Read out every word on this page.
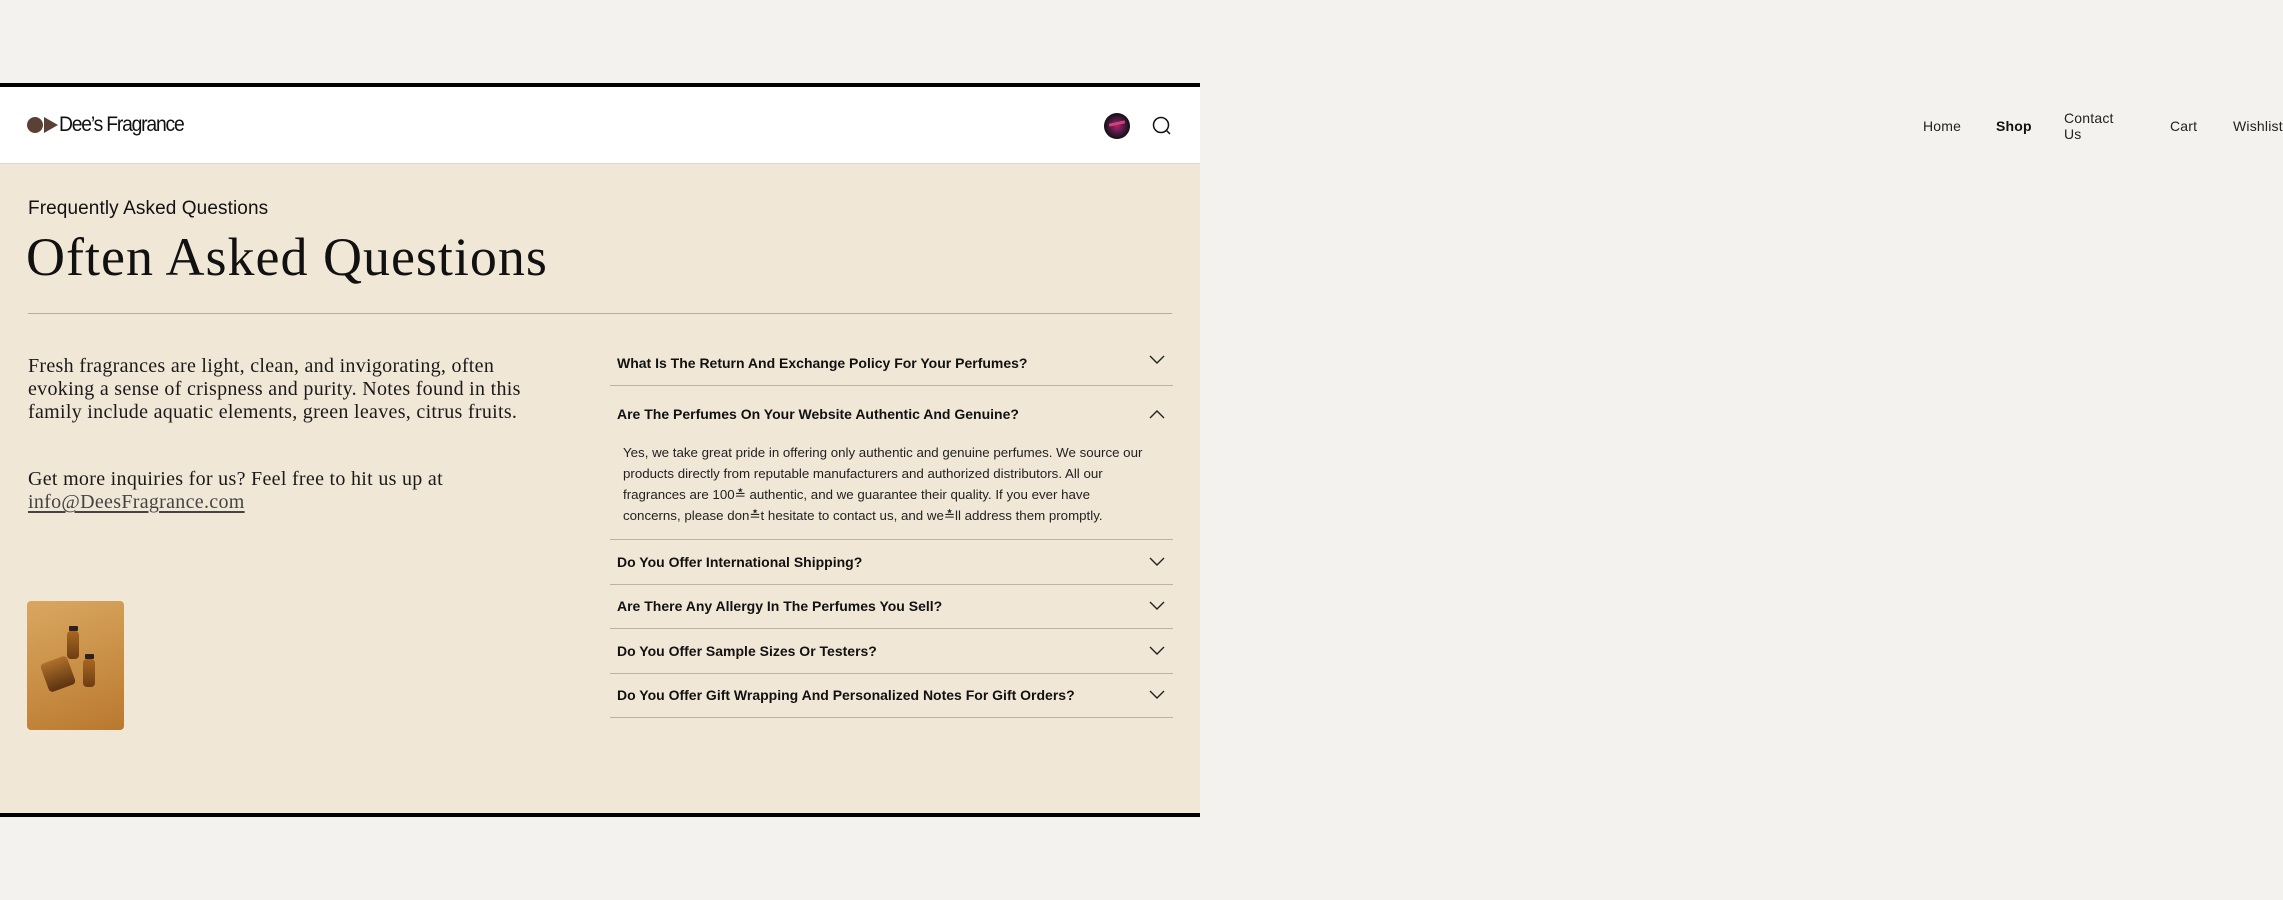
Dee’s Fragrance	Home Shop Contact Us	Cart	Wishlist
Frequently Asked Questions
Often Asked Questions

Fresh fragrances are light, clean, and invigorating, often evoking a sense of crispness and purity. Notes found in this family include aquatic elements, green leaves, citrus fruits.

Get more inquiries for us? Feel free to hit us up at info@DeesFragrance.com

What Is The Return And Exchange Policy For Your Perfumes?
Are The Perfumes On Your Website Authentic And Genuine?
Yes, we take great pride in offering only authentic and genuine perfumes. We source our products directly from reputable manufacturers and authorized distributors. All our fragrances are 100≛ authentic, and we guarantee their quality. If you ever have concerns, please don≛t hesitate to contact us, and we≛ll address them promptly.
Do You Offer International Shipping?
Are There Any Allergy In The Perfumes You Sell?
Do You Offer Sample Sizes Or Testers?
Do You Offer Gift Wrapping And Personalized Notes For Gift Orders?
